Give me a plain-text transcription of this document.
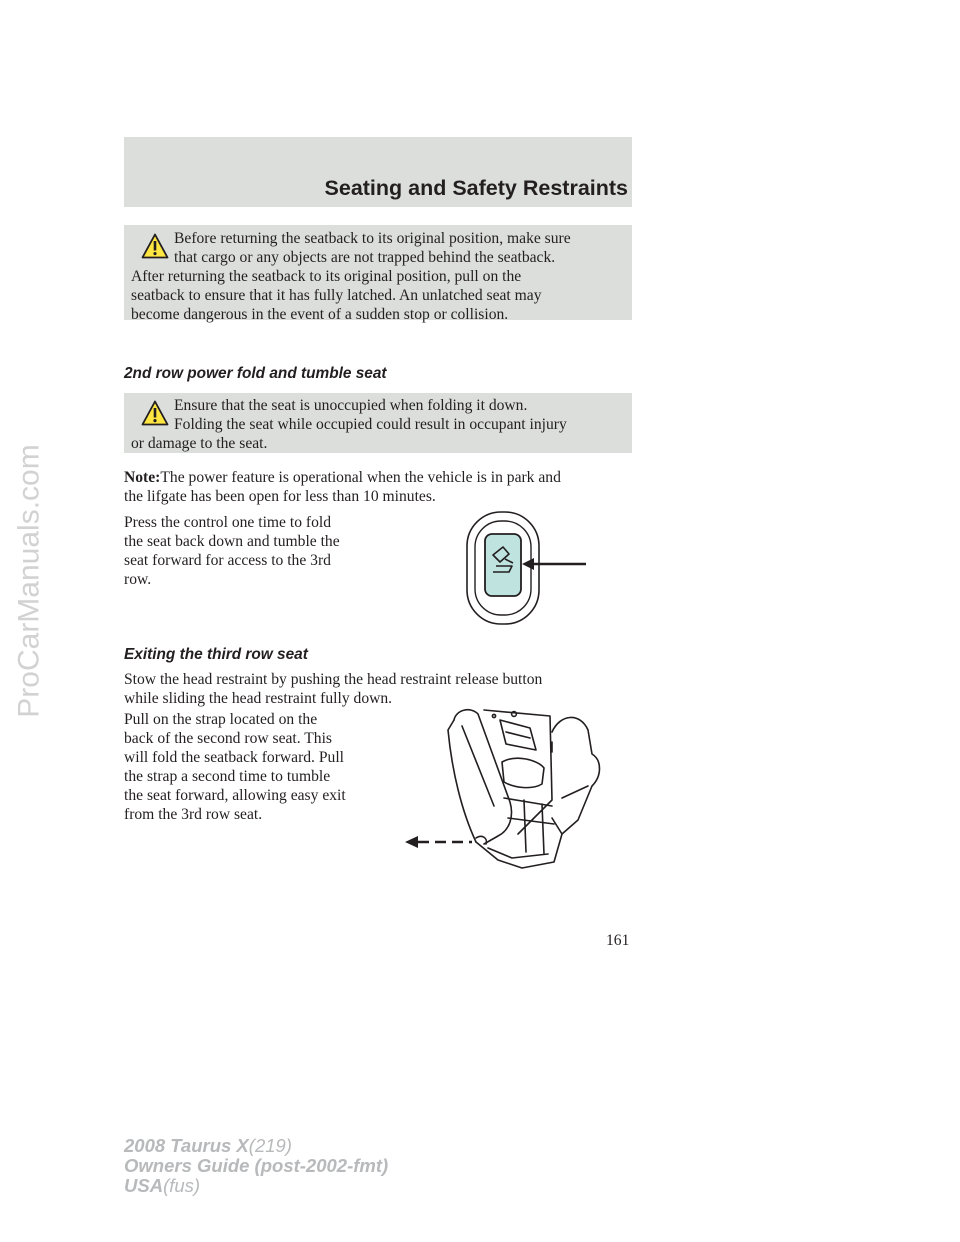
Seating and Safety Restraints

Before returning the seatback to its original position, make sure

that cargo or any objects are not trapped behind the seatback.

After returning the seatback to its original position, pull on the

seatback to ensure that it has fully latched. An unlatched seat may

become dangerous in the event of a sudden stop or collision.

2nd row power fold and tumble seat

Ensure that the seat is unoccupied when folding it down.

Folding the seat while occupied could result in occupant injury

or damage to the seat.

Note:The power feature is operational when the vehicle is in park and
the lifgate has been open for less than 10 minutes.
Press the control one time to fold
the seat back down and tumble the
seat forward for access to the 3rd
row.
Exiting the third row seat
Stow the head restraint by pushing the head restraint release button
while sliding the head restraint fully down.
Pull on the strap located on the
back of the second row seat. This
will fold the seatback forward. Pull
the strap a second time to tumble
the seat forward, allowing easy exit
from the 3rd row seat.
161
2008 Taurus X(219)
Owners Guide (post-2002-fmt)
USA(fus)
ProCarManuals.com
